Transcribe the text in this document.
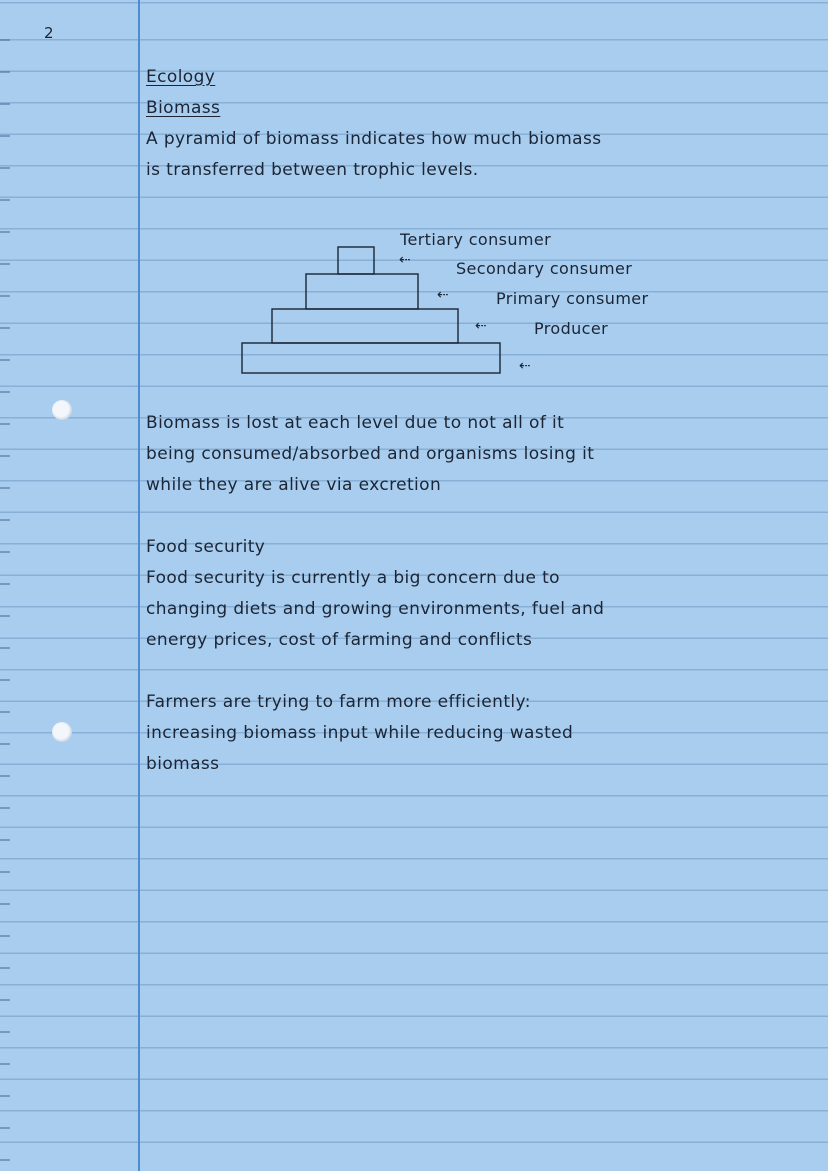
2
Ecology
Biomass
A pyramid of biomass indicates how much biomass
is transferred between trophic levels.
Tertiary consumer
Secondary consumer
Primary consumer
Producer
⇠
⇠
⇠
⇠
Biomass is lost at each level due to not all of it
being consumed/absorbed and organisms losing it
while they are alive via excretion
Food security
Food security is currently a big concern due to
changing diets and growing environments, fuel and
energy prices, cost of farming and conflicts
Farmers are trying to farm more efficiently:
increasing biomass input while reducing wasted
biomass
